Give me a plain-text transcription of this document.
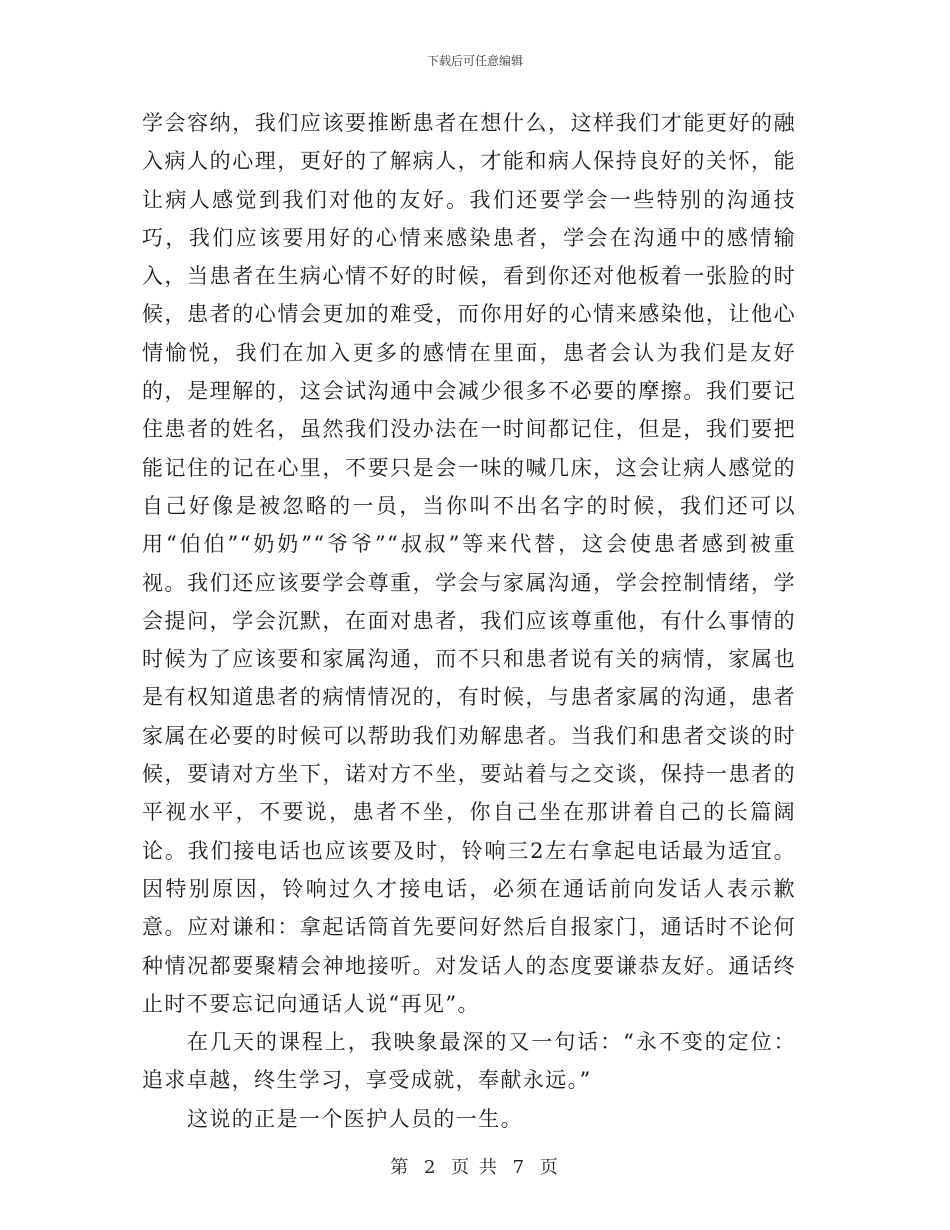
下载后可任意编辑

学会容纳，我们应该要推断患者在想什么，这样我们才能更好的融入病人的心理，更好的了解病人，才能和病人保持良好的关怀，能让病人感觉到我们对他的友好。我们还要学会一些特别的沟通技巧，我们应该要用好的心情来感染患者，学会在沟通中的感情输入，当患者在生病心情不好的时候，看到你还对他板着一张脸的时候，患者的心情会更加的难受，而你用好的心情来感染他，让他心情愉悦，我们在加入更多的感情在里面，患者会认为我们是友好的，是理解的，这会试沟通中会减少很多不必要的摩擦。我们要记住患者的姓名，虽然我们没办法在一时间都记住，但是，我们要把能记住的记在心里，不要只是会一味的喊几床，这会让病人感觉的自己好像是被忽略的一员，当你叫不出名字的时候，我们还可以用“伯伯”“奶奶”“爷爷”“叔叔”等来代替，这会使患者感到被重视。我们还应该要学会尊重，学会与家属沟通，学会控制情绪，学会提问，学会沉默，在面对患者，我们应该尊重他，有什么事情的时候为了应该要和家属沟通，而不只和患者说有关的病情，家属也是有权知道患者的病情情况的，有时候，与患者家属的沟通，患者家属在必要的时候可以帮助我们劝解患者。当我们和患者交谈的时候，要请对方坐下，诺对方不坐，要站着与之交谈，保持一患者的平视水平，不要说，患者不坐，你自己坐在那讲着自己的长篇阔论。我们接电话也应该要及时，铃响三2左右拿起电话最为适宜。因特别原因，铃响过久才接电话，必须在通话前向发话人表示歉意。应对谦和：拿起话筒首先要问好然后自报家门，通话时不论何种情况都要聚精会神地接听。对发话人的态度要谦恭友好。通话终止时不要忘记向通话人说“再见”。

在几天的课程上，我映象最深的又一句话：“永不变的定位：追求卓越，终生学习，享受成就，奉献永远。”

这说的正是一个医护人员的一生。

第 2 页 共 7 页
